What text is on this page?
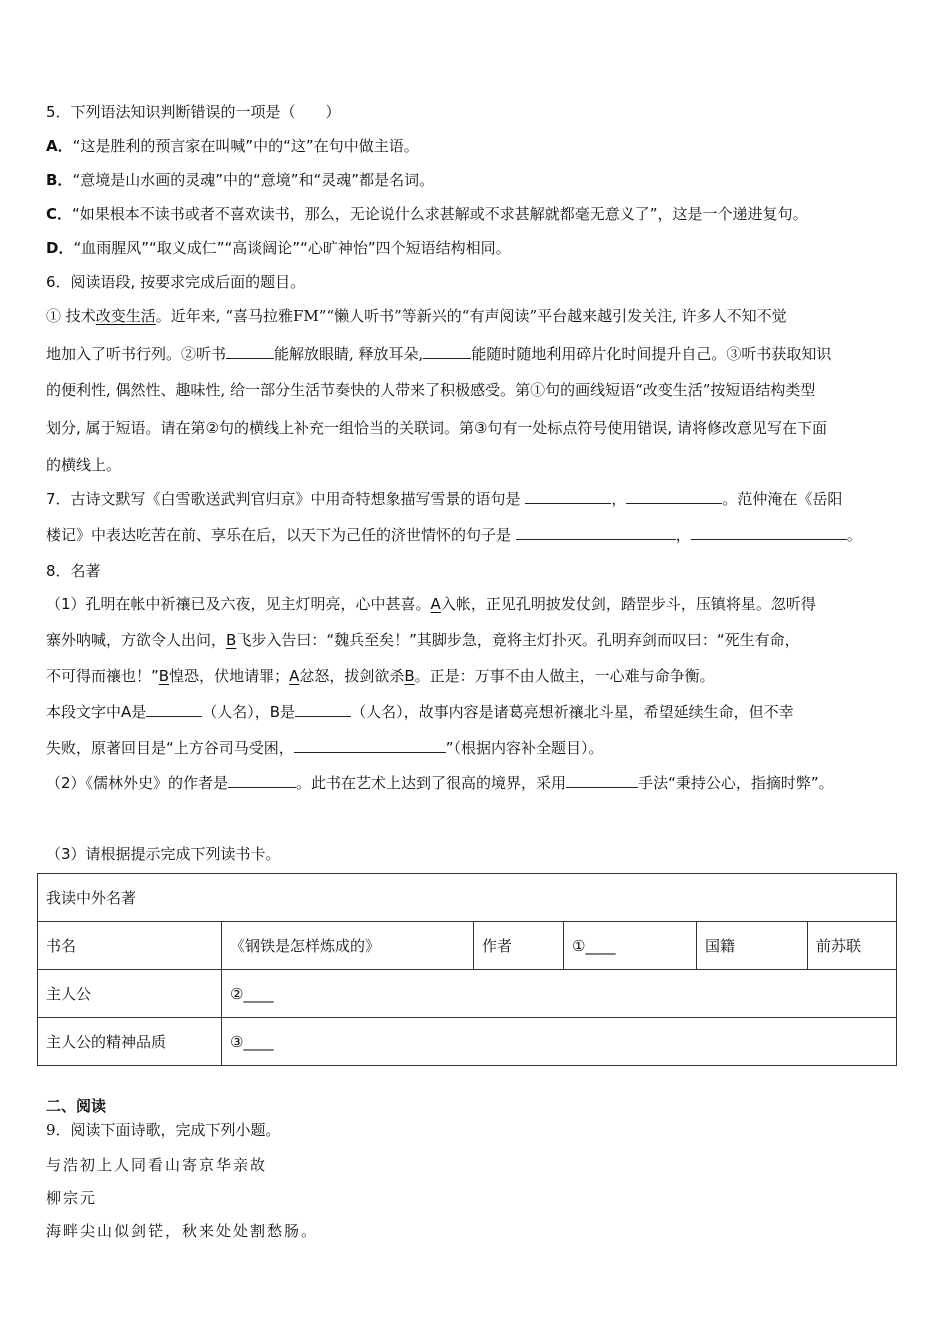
5．下列语法知识判断错误的一项是（　　）
A．“这是胜利的预言家在叫喊”中的“这”在句中做主语。
B．“意境是山水画的灵魂”中的“意境”和“灵魂”都是名词。
C．“如果根本不读书或者不喜欢读书，那么，无论说什么求甚解或不求甚解就都毫无意义了”，这是一个递进复句。
D．“血雨腥风”“取义成仁”“高谈阔论”“心旷神怡”四个短语结构相同。
6．阅读语段, 按要求完成后面的题目。
① 技术改变生活。近年来, “喜马拉雅FM”“懒人听书”等新兴的“有声阅读”平台越来越引发关注, 许多人不知不觉
地加入了听书行列。②听书	能解放眼睛, 释放耳朵,	能随时随地利用碎片化时间提升自己。③听书获取知识
的便利性, 偶然性、趣味性, 给一部分生活节奏快的人带来了积极感受。第①句的画线短语“改变生活”按短语结构类型
划分, 属于短语。请在第②句的横线上补充一组恰当的关联词。第③句有一处标点符号使用错误, 请将修改意见写在下面
的横线上。
7．古诗文默写《白雪歌送武判官归京》中用奇特想象描写雪景的语句是	，	。范仲淹在《岳阳
楼记》中表达吃苦在前、享乐在后，以天下为己任的济世情怀的句子是	，	。
8．名著
（1）孔明在帐中祈禳已及六夜，见主灯明亮，心中甚喜。A入帐，正见孔明披发仗剑，踏罡步斗，压镇将星。忽听得
寨外呐喊，方欲令人出问，B飞步入告曰：“魏兵至矣！”其脚步急，竟将主灯扑灭。孔明弃剑而叹曰：“死生有命，
不可得而禳也！”B惶恐，伏地请罪；A忿怒，拔剑欲杀B。正是：万事不由人做主，一心难与命争衡。
本段文字中A是	（人名），B是	（人名），故事内容是诸葛亮想祈禳北斗星，希望延续生命，但不幸
失败，原著回目是“上方谷司马受困，	”（根据内容补全题目）。
（2）《儒林外史》的作者是	。此书在艺术上达到了很高的境界，采用	手法“秉持公心，指摘时弊”。
（3）请根据提示完成下列读书卡。
我读中外名著					
书名	《钢铁是怎样炼成的》	作者	①____	国籍	前苏联
主人公	②____				
主人公的精神品质	③____				
二、阅读
9．阅读下面诗歌，完成下列小题。
与浩初上人同看山寄京华亲故
柳宗元
海畔尖山似剑铓，秋来处处割愁肠。
